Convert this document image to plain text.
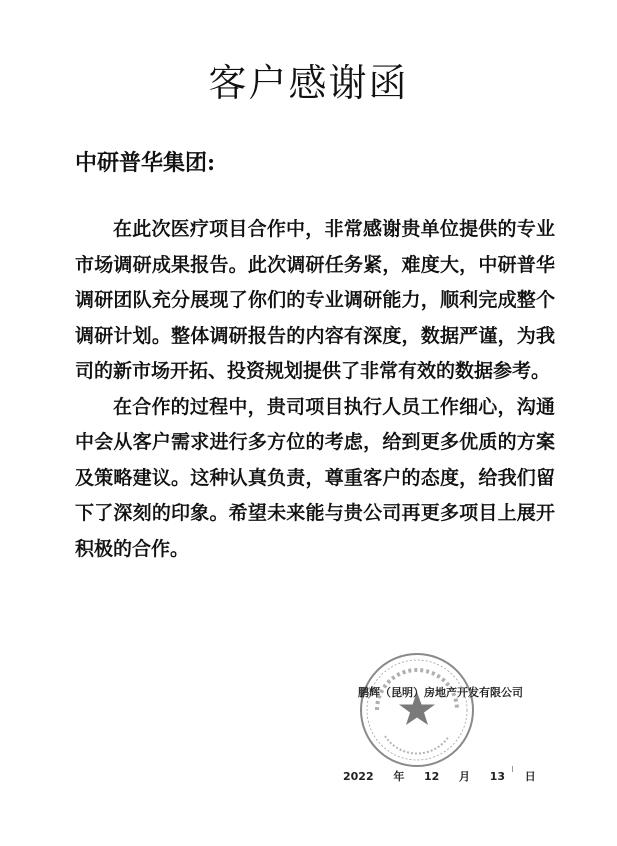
客户感谢函
中研普华集团:

在此次医疗项目合作中，非常感谢贵单位提供的专业市场调研成果报告。此次调研任务紧，难度大，中研普华调研团队充分展现了你们的专业调研能力，顺利完成整个调研计划。整体调研报告的内容有深度，数据严谨，为我司的新市场开拓、投资规划提供了非常有效的数据参考。

在合作的过程中，贵司项目执行人员工作细心，沟通中会从客户需求进行多方位的考虑，给到更多优质的方案及策略建议。这种认真负责，尊重客户的态度，给我们留下了深刻的印象。希望未来能与贵公司再更多项目上展开积极的合作。

鹏辉（昆明）房地产开发有限公司
2022 年 12 月 13 日
